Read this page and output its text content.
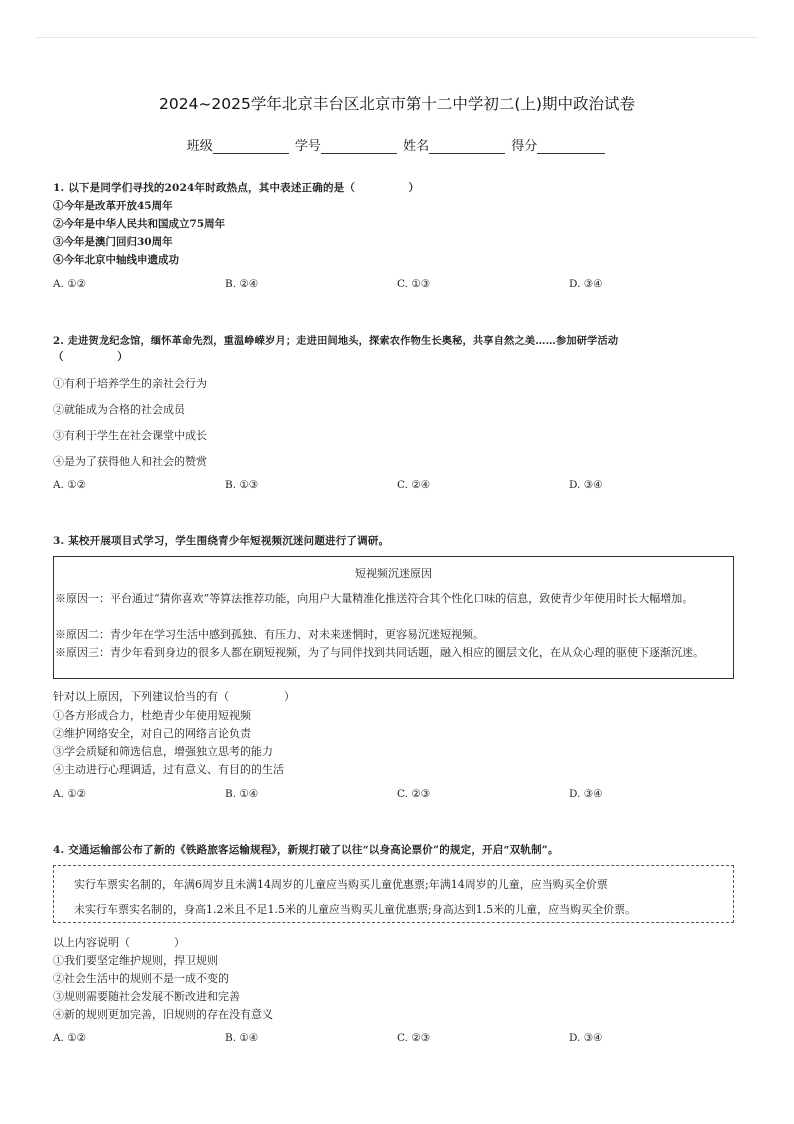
2024~2025学年北京丰台区北京市第十二中学初二(上)期中政治试卷
班级	学号	姓名	得分
1. 以下是同学们寻找的2024年时政热点，其中表述正确的是（　　　　　）
①今年是改革开放45周年
②今年是中华人民共和国成立75周年
③今年是澳门回归30周年
④今年北京中轴线申遗成功
A. ①②	B. ②④	C. ①③	D. ③④
2. 走进贺龙纪念馆，缅怀革命先烈，重温峥嵘岁月；走进田间地头，探索农作物生长奥秘，共享自然之美……参加研学活动
（　　　　　）
①有利于培养学生的亲社会行为
②就能成为合格的社会成员
③有利于学生在社会课堂中成长
④是为了获得他人和社会的赞赏
A. ①②	B. ①③	C. ②④	D. ③④
3. 某校开展项目式学习，学生围绕青少年短视频沉迷问题进行了调研。
短视频沉迷原因
※原因一：平台通过“猜你喜欢”等算法推荐功能，向用户大量精准化推送符合其个性化口味的信息，致使青少年使用时长大幅增加。
※原因二：青少年在学习生活中感到孤独、有压力、对未来迷惘时，更容易沉迷短视频。
※原因三：青少年看到身边的很多人都在刷短视频，为了与同伴找到共同话题，融入相应的圈层文化，在从众心理的驱使下逐渐沉迷。
针对以上原因，下列建议恰当的有（　　　　　）
①各方形成合力，杜绝青少年使用短视频
②维护网络安全，对自己的网络言论负责
③学会质疑和筛选信息，增强独立思考的能力
④主动进行心理调适，过有意义、有目的的生活
A. ①②	B. ①④	C. ②③	D. ③④
4. 交通运输部公布了新的《铁路旅客运输规程》，新规打破了以往“以身高论票价”的规定，开启“双轨制”。
实行车票实名制的，年满6周岁且未满14周岁的儿童应当购买儿童优惠票;年满14周岁的儿童，应当购买全价票
未实行车票实名制的，身高1.2米且不足1.5米的儿童应当购买儿童优惠票;身高达到1.5米的儿童，应当购买全价票。
以上内容说明（　　　　）
①我们要坚定维护规则，捍卫规则
②社会生活中的规则不是一成不变的
③规则需要随社会发展不断改进和完善
④新的规则更加完善，旧规则的存在没有意义
A. ①②	B. ①④	C. ②③	D. ③④
